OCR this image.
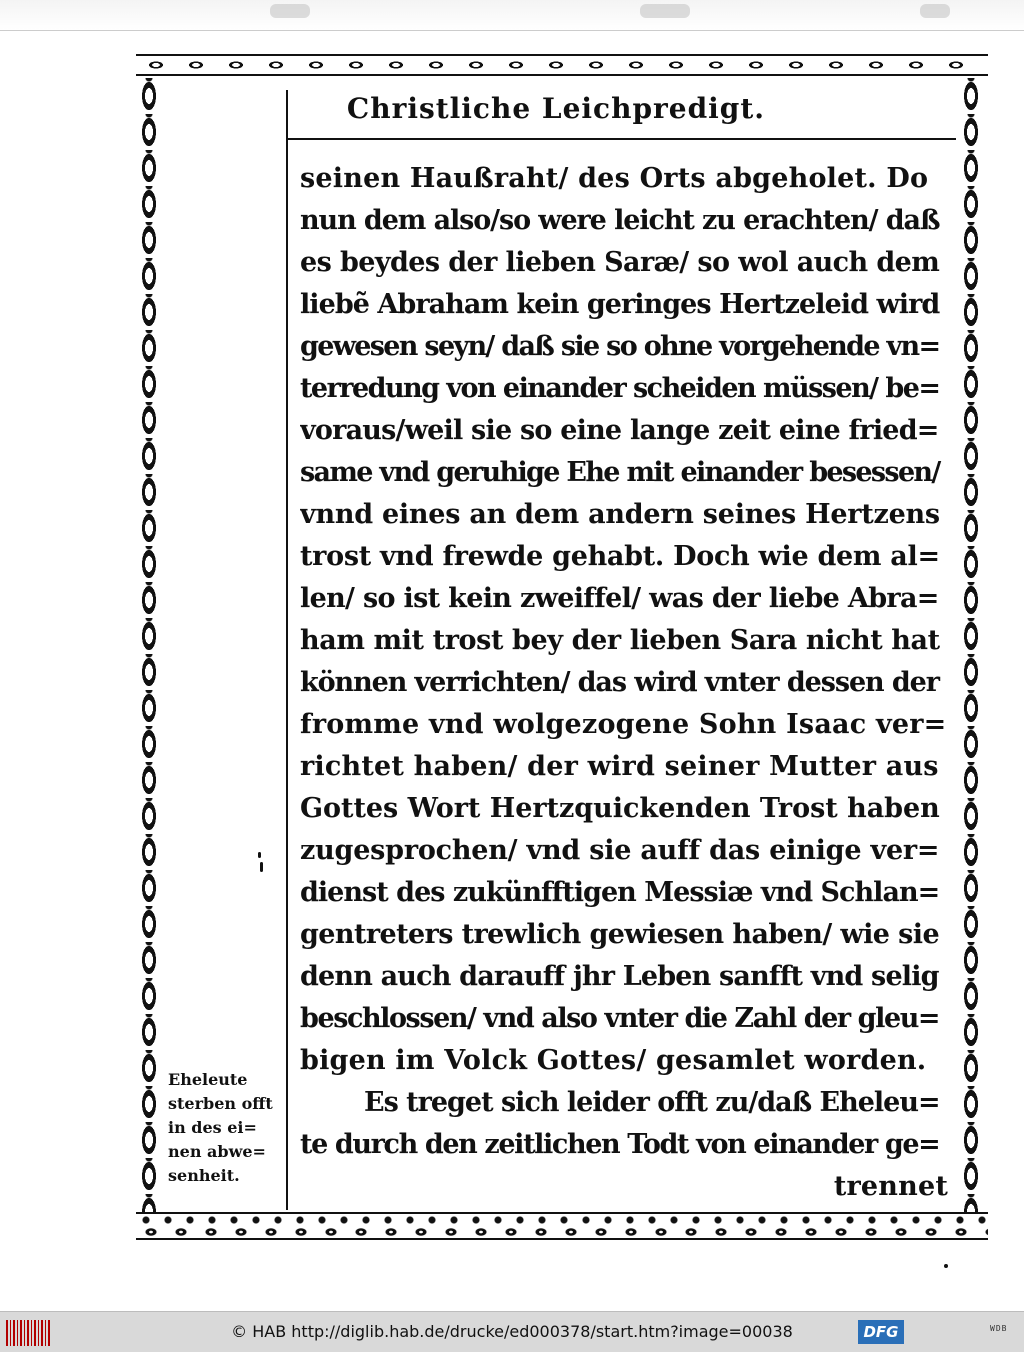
Christliche Leichpredigt.
seinen Haußraht/ des Orts abgeholet. Do
nun dem also/so were leicht zu erachten/ daß
es beydes der lieben Saræ/ so wol auch dem
liebẽ Abraham kein geringes Hertzeleid wird
gewesen seyn/ daß sie so ohne vorgehende vn=
terredung von einander scheiden müssen/ be=
voraus/weil sie so eine lange zeit eine fried=
same vnd geruhige Ehe mit einander besessen/
vnnd eines an dem andern seines Hertzens
trost vnd frewde gehabt. Doch wie dem al=
len/ so ist kein zweiffel/ was der liebe Abra=
ham mit trost bey der lieben Sara nicht hat
können verrichten/ das wird vnter dessen der
fromme vnd wolgezogene Sohn Isaac ver=
richtet haben/ der wird seiner Mutter aus
Gottes Wort Hertzquickenden Trost haben
zugesprochen/ vnd sie auff das einige ver=
dienst des zukünfftigen Messiæ vnd Schlan=
gentreters trewlich gewiesen haben/ wie sie
denn auch darauff jhr Leben sanfft vnd selig
beschlossen/ vnd also vnter die Zahl der gleu=
bigen im Volck Gottes/ gesamlet worden.
Es treget sich leider offt zu/daß Eheleu=
te durch den zeitlichen Todt von einander ge=
trennet
Eheleute
sterben offt
in des ei=
nen abwe=
senheit.
© HAB http://diglib.hab.de/drucke/ed000378/start.htm?image=00038	DFG	WDB
